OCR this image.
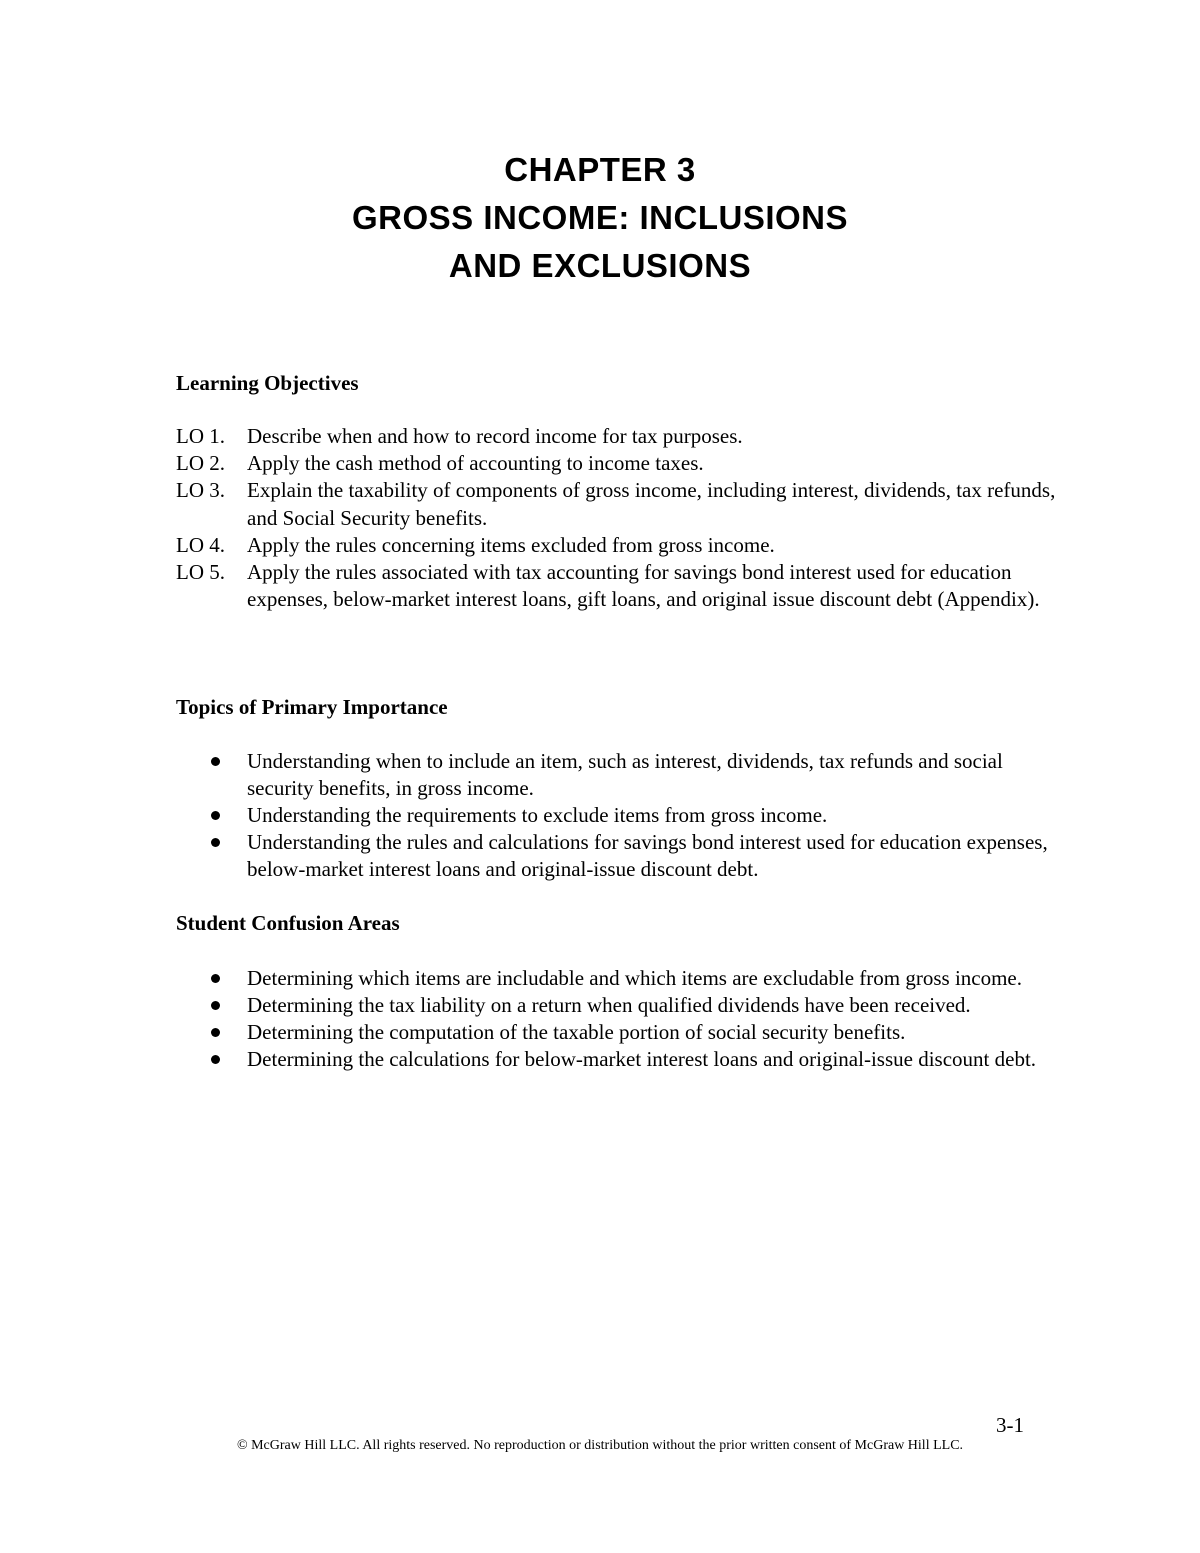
CHAPTER 3
GROSS INCOME: INCLUSIONS
AND EXCLUSIONS
Learning Objectives
LO 1.	Describe when and how to record income for tax purposes.
LO 2.	Apply the cash method of accounting to income taxes.
LO 3.	Explain the taxability of components of gross income, including interest, dividends, tax refunds, and Social Security benefits.
LO 4.	Apply the rules concerning items excluded from gross income.
LO 5.	Apply the rules associated with tax accounting for savings bond interest used for education expenses, below-market interest loans, gift loans, and original issue discount debt (Appendix).
Topics of Primary Importance
Understanding when to include an item, such as interest, dividends, tax refunds and social security benefits, in gross income.
Understanding the requirements to exclude items from gross income.
Understanding the rules and calculations for savings bond interest used for education expenses, below-market interest loans and original-issue discount debt.
Student Confusion Areas
Determining which items are includable and which items are excludable from gross income.
Determining the tax liability on a return when qualified dividends have been received.
Determining the computation of the taxable portion of social security benefits.
Determining the calculations for below-market interest loans and original-issue discount debt.
3-1
© McGraw Hill LLC. All rights reserved. No reproduction or distribution without the prior written consent of McGraw Hill LLC.
